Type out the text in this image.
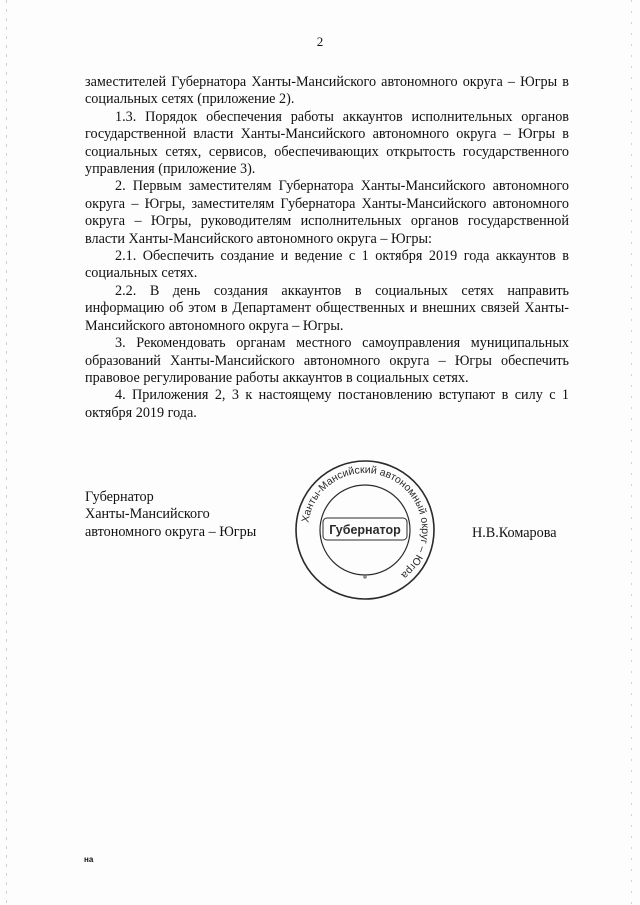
2

заместителей Губернатора Ханты-Мансийского автономного округа – Югры в социальных сетях (приложение 2).

1.3. Порядок обеспечения работы аккаунтов исполнительных органов государственной власти Ханты-Мансийского автономного округа – Югры в социальных сетях, сервисов, обеспечивающих открытость государственного управления (приложение 3).

2. Первым заместителям Губернатора Ханты-Мансийского автономного округа – Югры, заместителям Губернатора Ханты-Мансийского автономного округа – Югры, руководителям исполнительных органов государственной власти Ханты-Мансийского автономного округа – Югры:

2.1. Обеспечить создание и ведение с 1 октября 2019 года аккаунтов в социальных сетях.

2.2. В день создания аккаунтов в социальных сетях направить информацию об этом в Департамент общественных и внешних связей Ханты-Мансийского автономного округа – Югры.

3. Рекомендовать органам местного самоуправления муниципальных образований Ханты-Мансийского автономного округа – Югры обеспечить правовое регулирование работы аккаунтов в социальных сетях.

4. Приложения 2, 3 к настоящему постановлению вступают в силу с 1 октября 2019 года.

Губернатор
Ханты-Мансийского
автономного округа – Югры
Ханты-Мансийский автономный округ – Югра
Губернатор
*
Н.В.Комарова
на
